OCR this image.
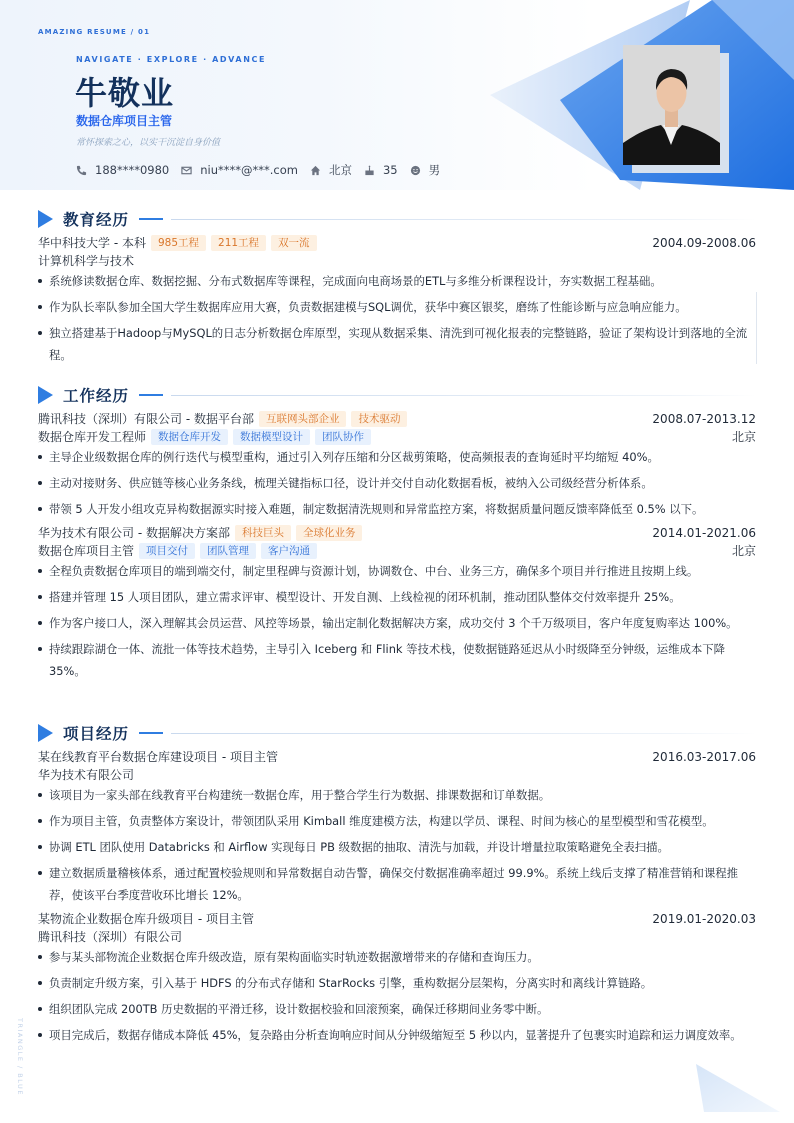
AMAZING RESUME / 01
NAVIGATE · EXPLORE · ADVANCE
牛敬业
数据仓库项目主管
常怀探索之心，以实干沉淀自身价值
188****0980	niu****@***.com	北京	35	男
教育经历
华中科技大学 - 本科	985工程	211工程	双一流	2004.09-2008.06
计算机科学与技术
系统修读数据仓库、数据挖掘、分布式数据库等课程，完成面向电商场景的ETL与多维分析课程设计，夯实数据工程基础。
作为队长率队参加全国大学生数据库应用大赛，负责数据建模与SQL调优，获华中赛区银奖，磨练了性能诊断与应急响应能力。
独立搭建基于Hadoop与MySQL的日志分析数据仓库原型，实现从数据采集、清洗到可视化报表的完整链路，验证了架构设计到落地的全流程。
工作经历
腾讯科技（深圳）有限公司 - 数据平台部	互联网头部企业	技术驱动	2008.07-2013.12
数据仓库开发工程师	数据仓库开发	数据模型设计	团队协作	北京
主导企业级数据仓库的例行迭代与模型重构，通过引入列存压缩和分区裁剪策略，使高频报表的查询延时平均缩短 40%。
主动对接财务、供应链等核心业务条线，梳理关键指标口径，设计并交付自动化数据看板，被纳入公司级经营分析体系。
带领 5 人开发小组攻克异构数据源实时接入难题，制定数据清洗规则和异常监控方案，将数据质量问题反馈率降低至 0.5% 以下。
华为技术有限公司 - 数据解决方案部	科技巨头	全球化业务	2014.01-2021.06
数据仓库项目主管	项目交付	团队管理	客户沟通	北京
全程负责数据仓库项目的端到端交付，制定里程碑与资源计划，协调数仓、中台、业务三方，确保多个项目并行推进且按期上线。
搭建并管理 15 人项目团队，建立需求评审、模型设计、开发自测、上线检视的闭环机制，推动团队整体交付效率提升 25%。
作为客户接口人，深入理解其会员运营、风控等场景，输出定制化数据解决方案，成功交付 3 个千万级项目，客户年度复购率达 100%。
持续跟踪湖仓一体、流批一体等技术趋势，主导引入 Iceberg 和 Flink 等技术栈，使数据链路延迟从小时级降至分钟级，运维成本下降 35%。
项目经历
某在线教育平台数据仓库建设项目 - 项目主管	2016.03-2017.06
华为技术有限公司
该项目为一家头部在线教育平台构建统一数据仓库，用于整合学生行为数据、排课数据和订单数据。
作为项目主管，负责整体方案设计，带领团队采用 Kimball 维度建模方法，构建以学员、课程、时间为核心的星型模型和雪花模型。
协调 ETL 团队使用 Databricks 和 Airflow 实现每日 PB 级数据的抽取、清洗与加载，并设计增量拉取策略避免全表扫描。
建立数据质量稽核体系，通过配置校验规则和异常数据自动告警，确保交付数据准确率超过 99.9%。系统上线后支撑了精准营销和课程推荐，使该平台季度营收环比增长 12%。
某物流企业数据仓库升级项目 - 项目主管	2019.01-2020.03
腾讯科技（深圳）有限公司
参与某头部物流企业数据仓库升级改造，原有架构面临实时轨迹数据激增带来的存储和查询压力。
负责制定升级方案，引入基于 HDFS 的分布式存储和 StarRocks 引擎，重构数据分层架构，分离实时和离线计算链路。
组织团队完成 200TB 历史数据的平滑迁移，设计数据校验和回滚预案，确保迁移期间业务零中断。
项目完成后，数据存储成本降低 45%，复杂路由分析查询响应时间从分钟级缩短至 5 秒以内，显著提升了包裹实时追踪和运力调度效率。
TRIANGLE / BLUE
